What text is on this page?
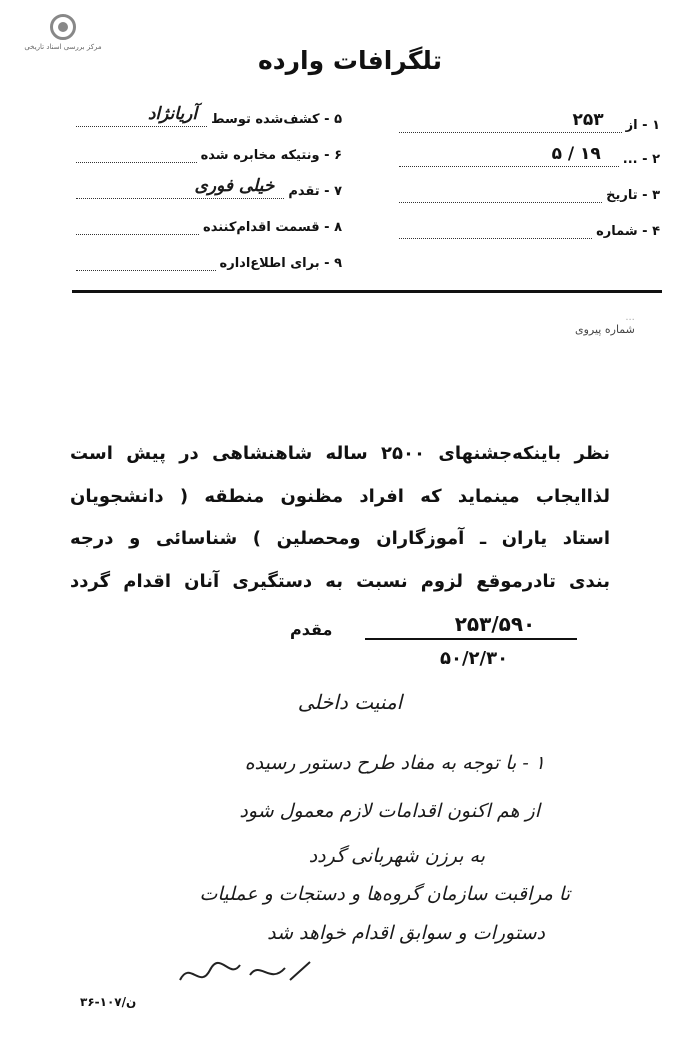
مرکز بررسی اسناد تاریخی	تلگرافات وارده
۵ - کشف‌شده توسط
آریانژاد
۶ - ونتیکه مخابره شده
۷ - تقدم
خیلی فوری
۸ - قسمت اقدام‌کننده
۹ - برای اطلاع‌اداره
۱ - از
۲۵۳
۲ - ...
۱۹ / ۵
۳ - تاریخ
۴ - شماره
...
شماره پیروی
نظر باینکه‌جشنهای ۲۵۰۰ ساله شاهنشاهی در پیش است
لذاایجاب مینماید که افراد مظنون منطقه ( دانشجویان
استاد یاران ـ آموزگاران ومحصلین ) شناسائی و درجه
بندی تادرموقع لزوم نسبت به دستگیری آنان اقدام گردد
۲۵۳/۵۹۰
مقدم
۵۰/۲/۳۰
امنیت داخلی
۱ - با توجه به مفاد طرح دستور رسیده
از هم اکنون اقدامات لازم معمول شود
به برزن شهربانی گردد
تا مراقبت سازمان گروه‌ها و دستجات و عملیات
دستورات و سوابق اقدام خواهد شد
۳۶-۱۰۷/ن
